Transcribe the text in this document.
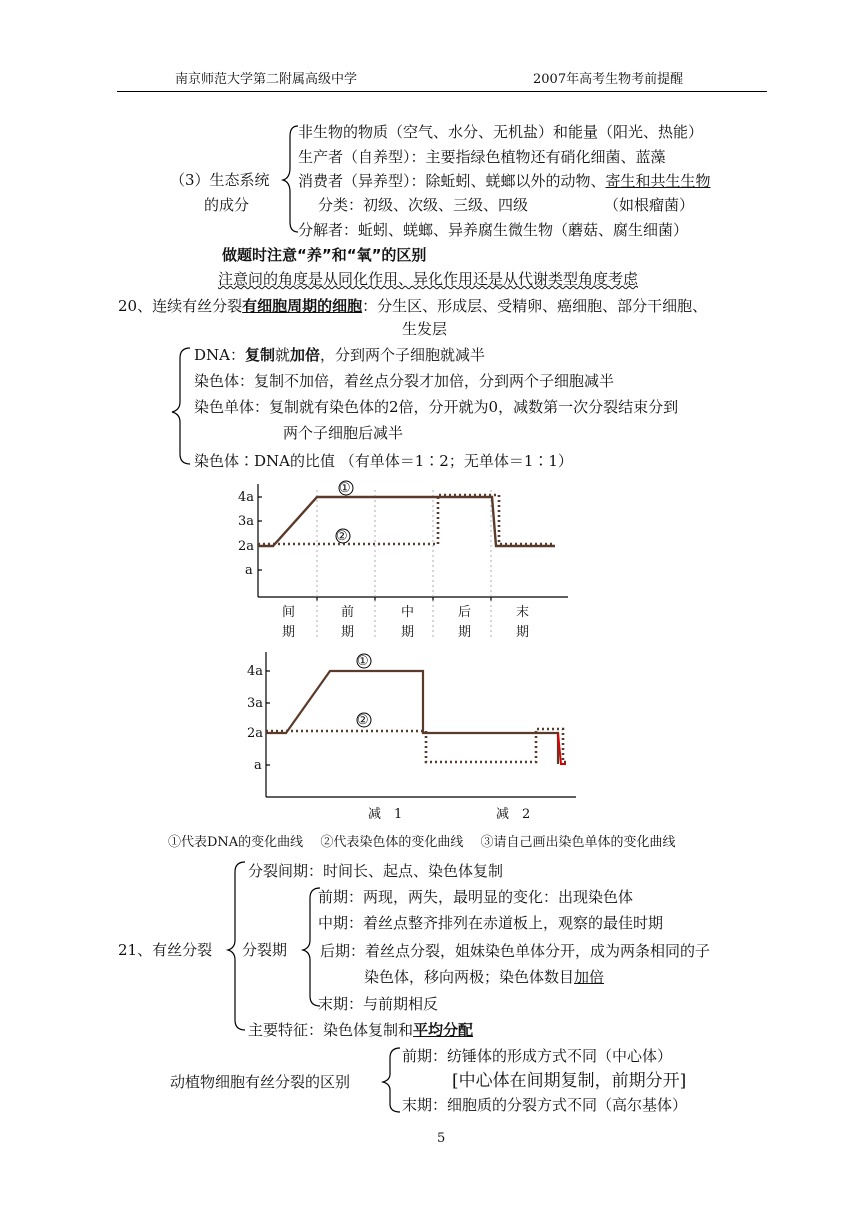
南京师范大学第二附属高级中学	2007年高考生物考前提醒
（3）生态系统
的成分
非生物的物质（空气、水分、无机盐）和能量（阳光、热能）
生产者（自养型）：主要指绿色植物还有硝化细菌、蓝藻
消费者（异养型）：除蚯蚓、蜣螂以外的动物、寄生和共生生物
分类：初级、次级、三级、四级	（如根瘤菌）
分解者：蚯蚓、蜣螂、异养腐生微生物（蘑菇、腐生细菌）
做题时注意“养”和“氧”的区别
注意问的角度是从同化作用、异化作用还是从代谢类型角度考虑
20、连续有丝分裂有细胞周期的细胞：分生区、形成层、受精卵、癌细胞、部分干细胞、
生发层
DNA：复制就加倍，分到两个子细胞就减半
染色体：复制不加倍，着丝点分裂才加倍，分到两个子细胞减半
染色单体：复制就有染色体的2倍，分开就为0，减数第一次分裂结束分到
两个子细胞后减半
染色体∶DNA的比值 （有单体＝1∶2；无单体＝1∶1）
①
②
4a
3a
2a
a
间
期
前
期
中
期
后
期
末
期
①
②
4a
3a
2a
a
减　1	减　2
①代表DNA的变化曲线　 ②代表染色体的变化曲线　 ③请自己画出染色单体的变化曲线
21、有丝分裂
分裂间期：时间长、起点、染色体复制
分裂期
前期：两现，两失，最明显的变化：出现染色体
中期：着丝点整齐排列在赤道板上，观察的最佳时期
后期：着丝点分裂，姐妹染色单体分开，成为两条相同的子
染色体，移向两极；染色体数目加倍
末期：与前期相反
主要特征：染色体复制和平均分配
动植物细胞有丝分裂的区别
前期：纺锤体的形成方式不同（中心体）
[中心体在间期复制，前期分开]
末期：细胞质的分裂方式不同（高尔基体）
5
